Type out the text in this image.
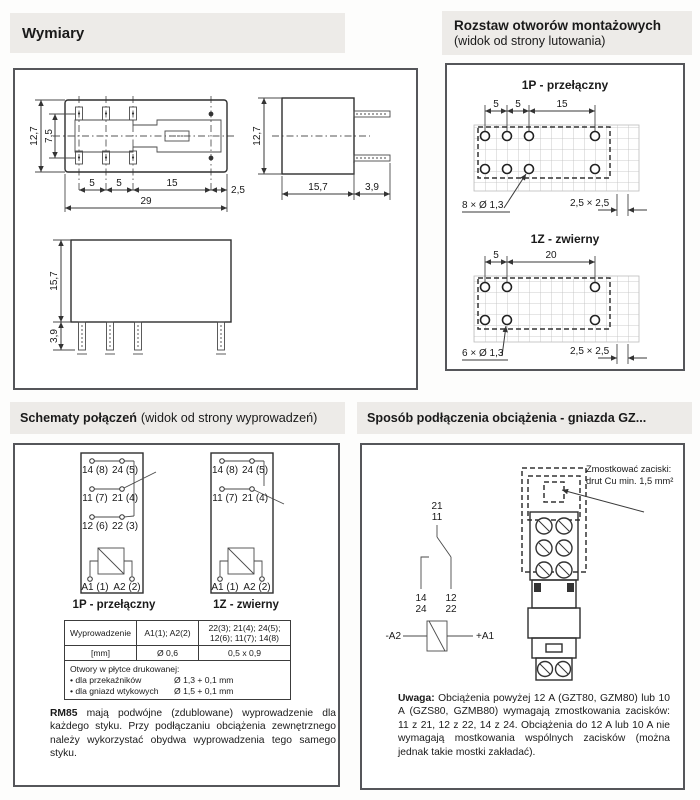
Wymiary	Rozstaw otworów montażowych
(widok od strony lutowania)
Schematy połączeń (widok od strony wyprowadzeń)	Sposób podłączenia obciążenia - gniazda GZ...
12,7 7,5
5 5	15
2,5
29
12,7
15,7	3,9
15,7
3,9
1P - przełączny
5 5	15
8 × Ø 1,3	2,5 × 2,5
1Z - zwierny
5	20
6 × Ø 1,3	2,5 × 2,5
14 (8) 24 (5)
11 (7) 21 (4)
12 (6) 22 (3)
A1 (1) A2 (2)
14 (8) 24 (5)
11 (7) 21 (4)
A1 (1) A2 (2)
1P - przełączny	1Z - zwierny
Wyprowadzenie	A1(1); A2(2)	22(3); 21(4); 24(5); 12(6); 11(7); 14(8)
[mm]	Ø 0,6	0,5 x 0,9

Otwory w płytce drukowanej:
• dla przekaźników Ø 1,3 + 0,1 mm
• dla gniazd wtykowych Ø 1,5 + 0,1 mm		

RM85 mają podwójne (zdublowane) wyprowadzenie dla każdego styku. Przy podłączaniu obciążenia zewnętrznego należy wykorzystać obydwa wyprowadzenia tego samego styku.

21
11
14
24
12
22
-A2	+A1
Zmostkować zaciski: drut Cu min. 1,5 mm²

Uwaga: Obciążenia powyżej 12 A (GZT80, GZM80) lub 10 A (GZS80, GZMB80) wymagają zmostkowania zacisków: 11 z 21, 12 z 22, 14 z 24. Obciążenia do 12 A lub 10 A nie wymagają mostkowania wspólnych zacisków (można jednak takie mostki zakładać).
